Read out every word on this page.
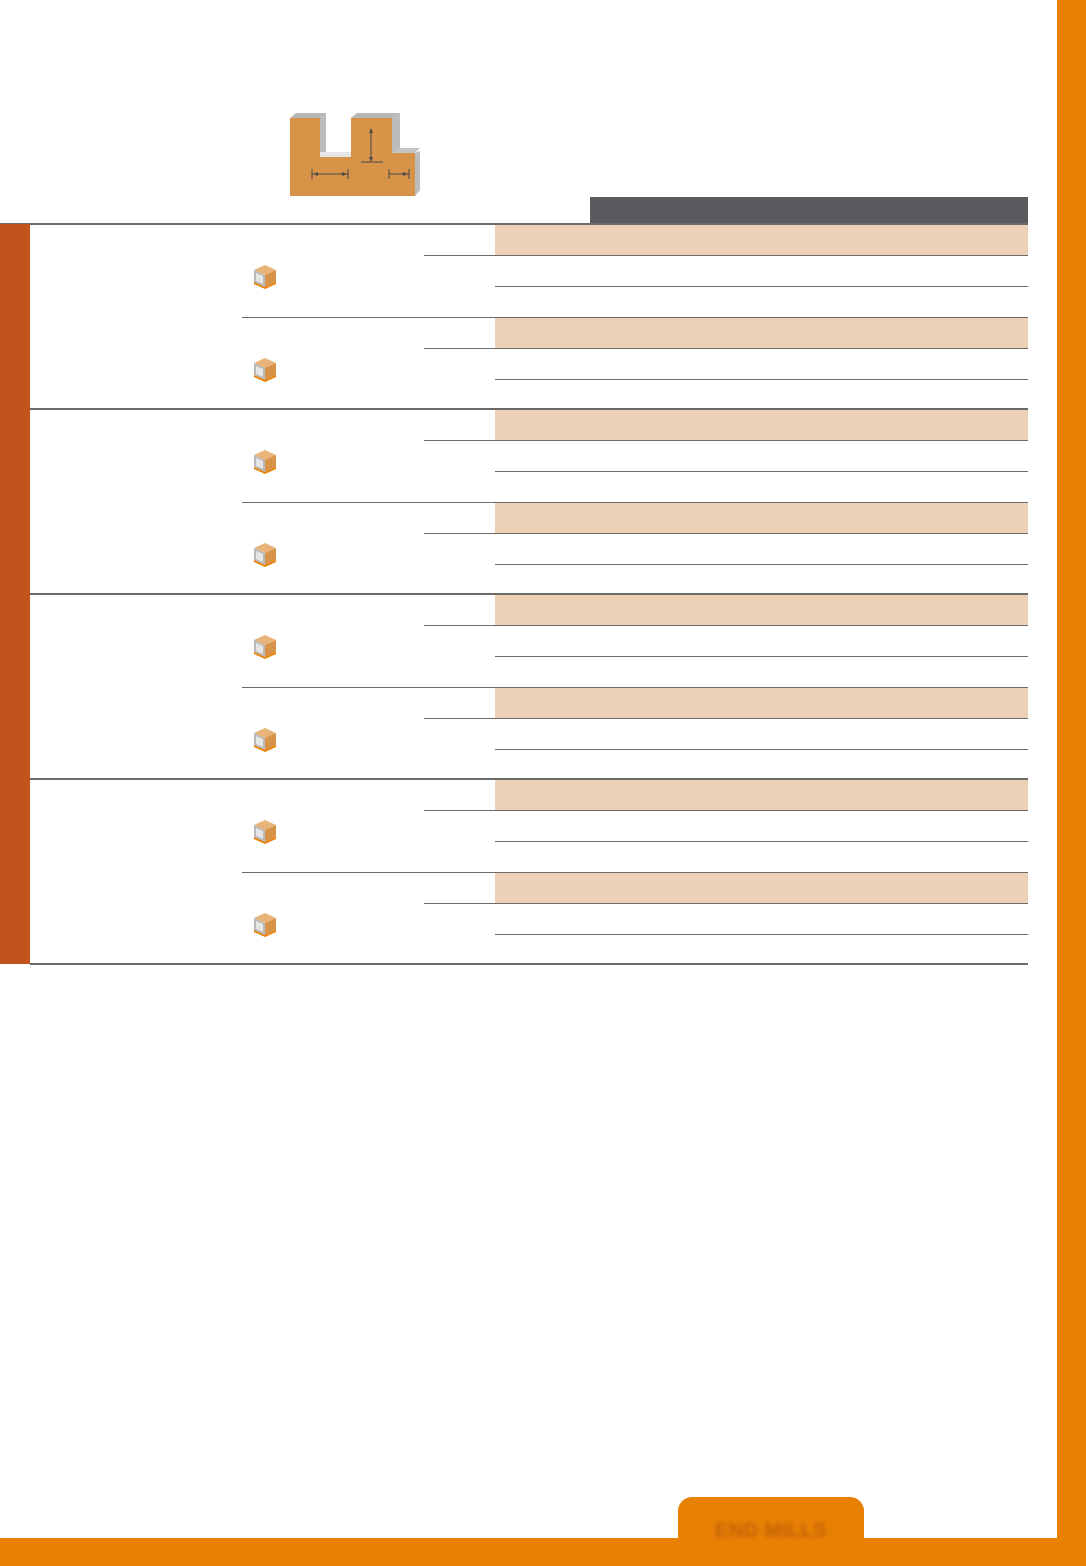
END MILLS
